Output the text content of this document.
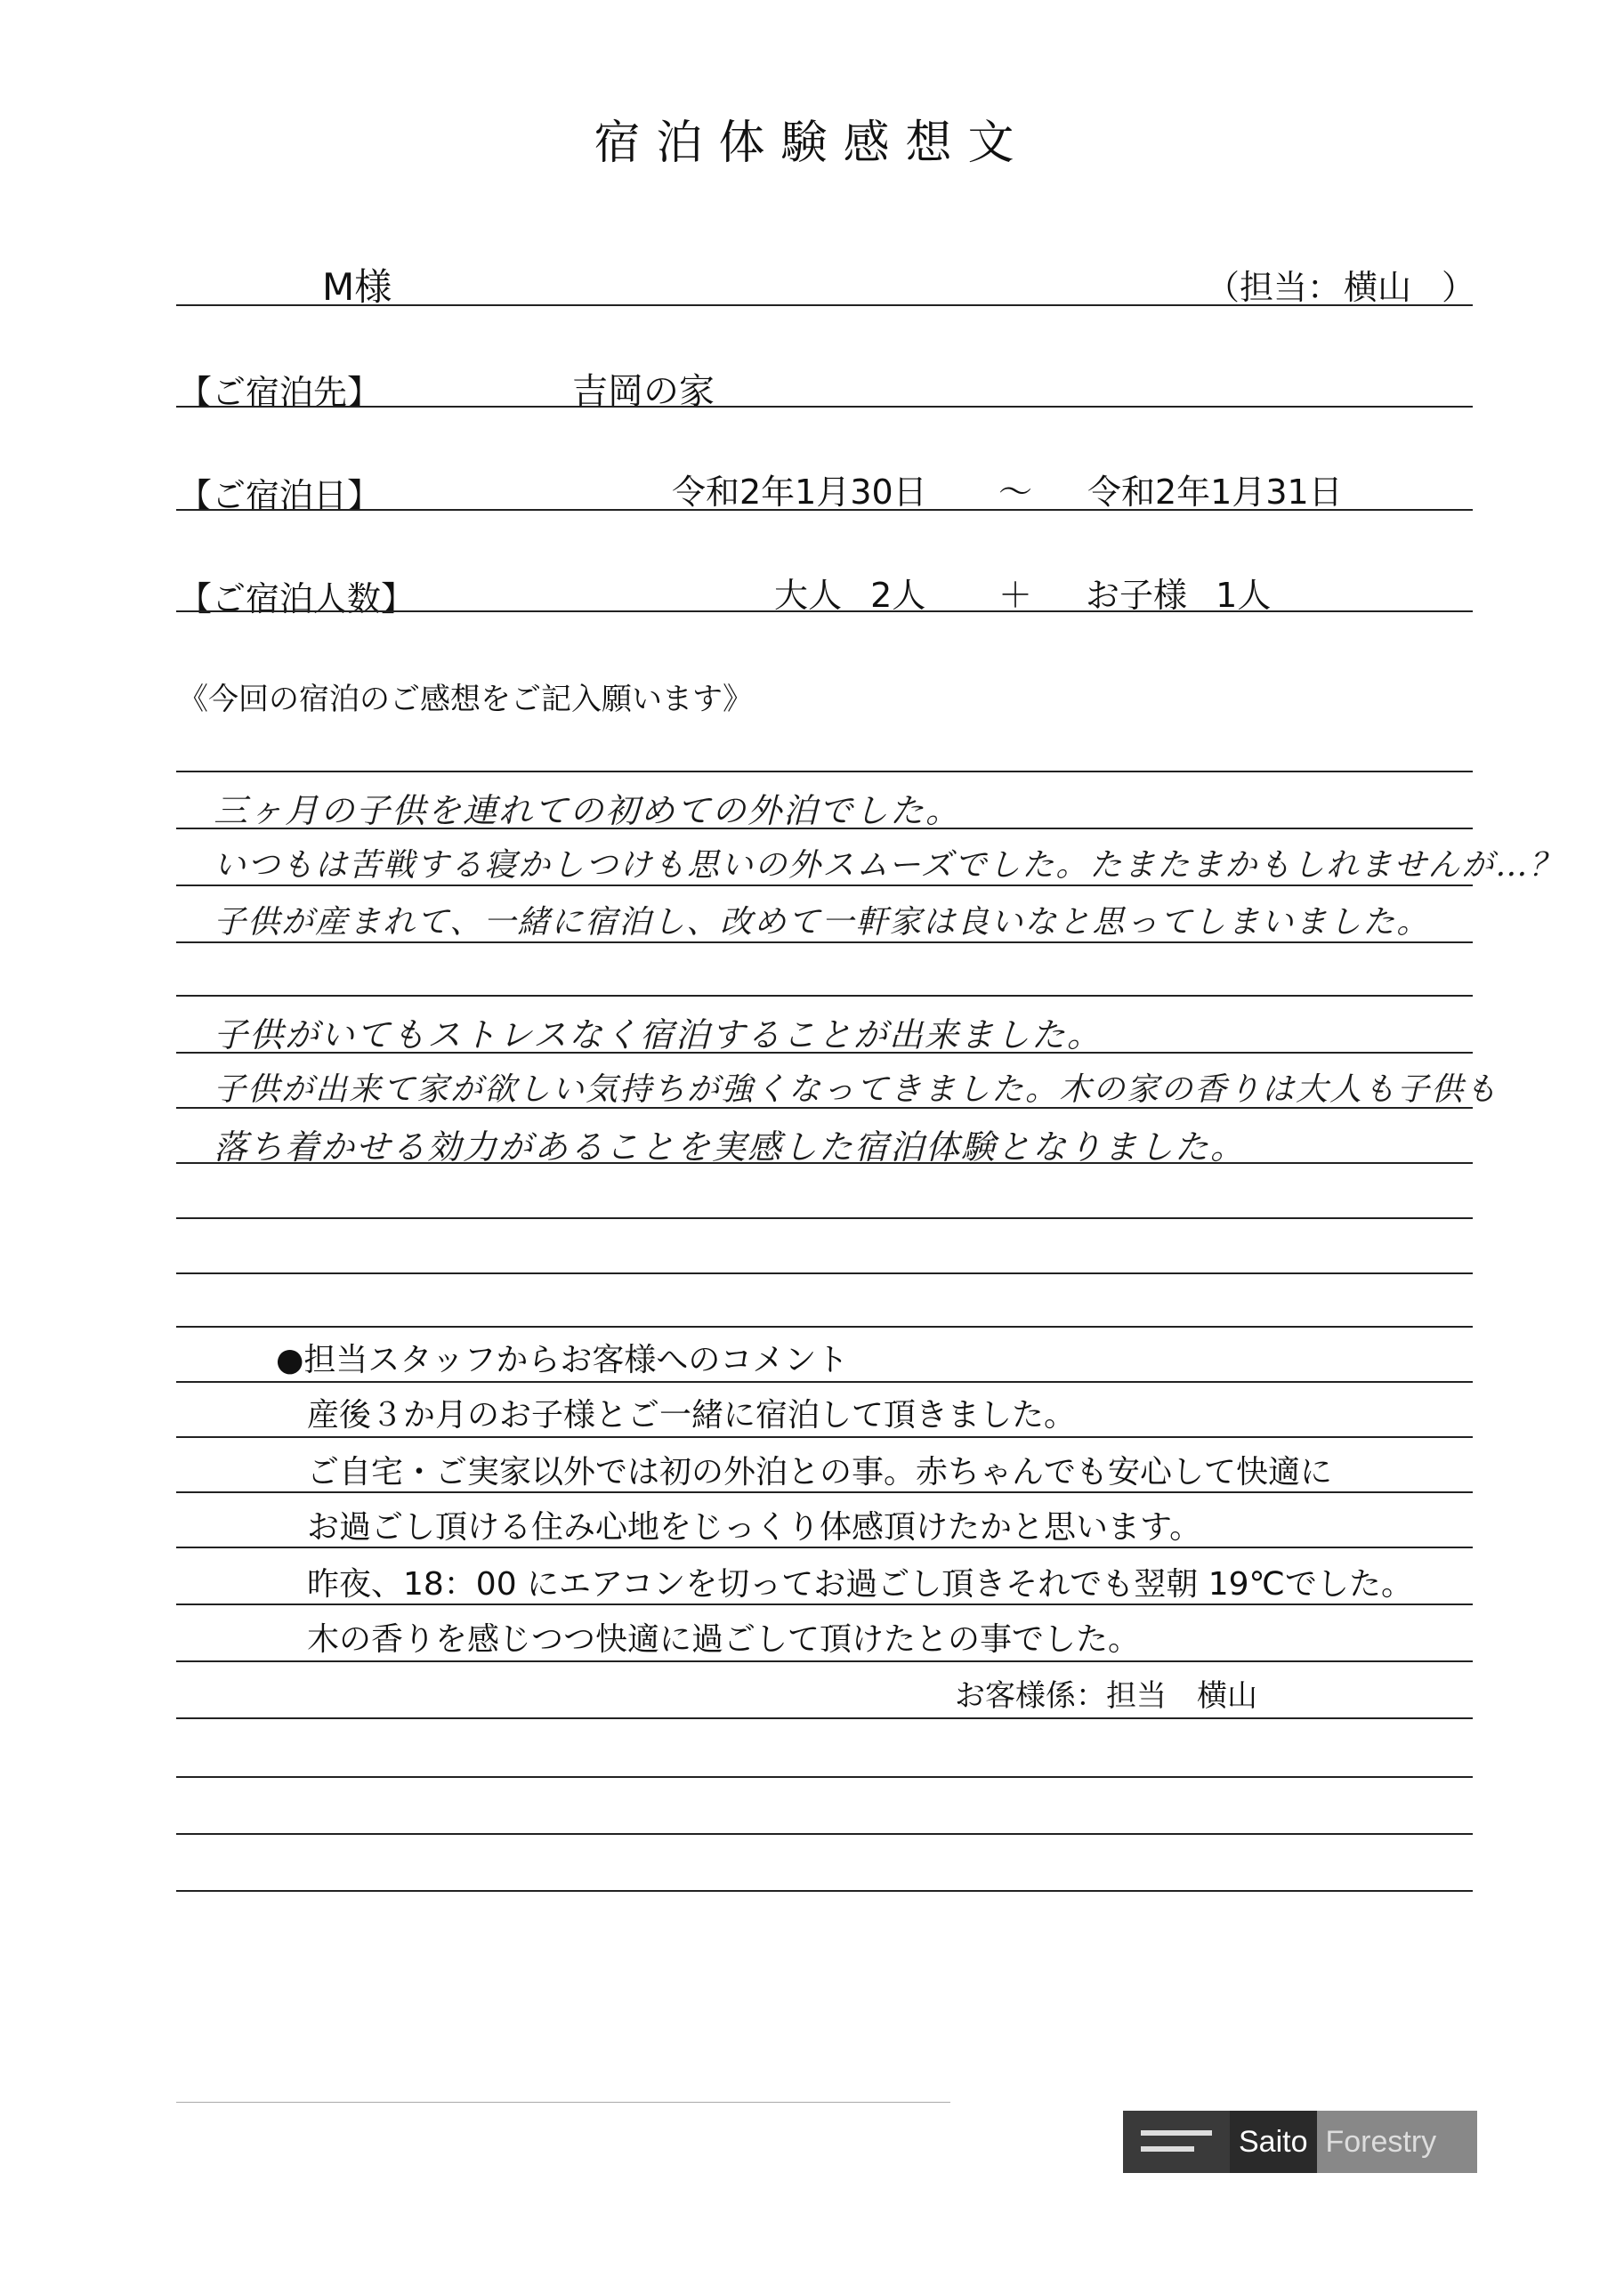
宿泊体験感想文
M様	（担当： 横山 ）
【ご宿泊先】	吉岡の家
【ご宿泊日】	令和2年1月30日 ～ 令和2年1月31日
【ご宿泊人数】	大人 2人 ＋ お子様 1人
《今回の宿泊のご感想をご記入願います》
三ヶ月の子供を連れての初めての外泊でした。
いつもは苦戦する寝かしつけも思いの外スムーズでした。たまたまかもしれませんが…？
子供が産まれて、一緒に宿泊し、改めて一軒家は良いなと思ってしまいました。
子供がいてもストレスなく宿泊することが出来ました。
子供が出来て家が欲しい気持ちが強くなってきました。木の家の香りは大人も子供も
落ち着かせる効力があることを実感した宿泊体験となりました。
●担当スタッフからお客様へのコメント
産後３か月のお子様とご一緒に宿泊して頂きました。
ご自宅・ご実家以外では初の外泊との事。赤ちゃんでも安心して快適に
お過ごし頂ける住み心地をじっくり体感頂けたかと思います。
昨夜、18：00 にエアコンを切ってお過ごし頂きそれでも翌朝 19℃でした。
木の香りを感じつつ快適に過ごして頂けたとの事でした。
お客様係：担当　横山
Saito Forestry
